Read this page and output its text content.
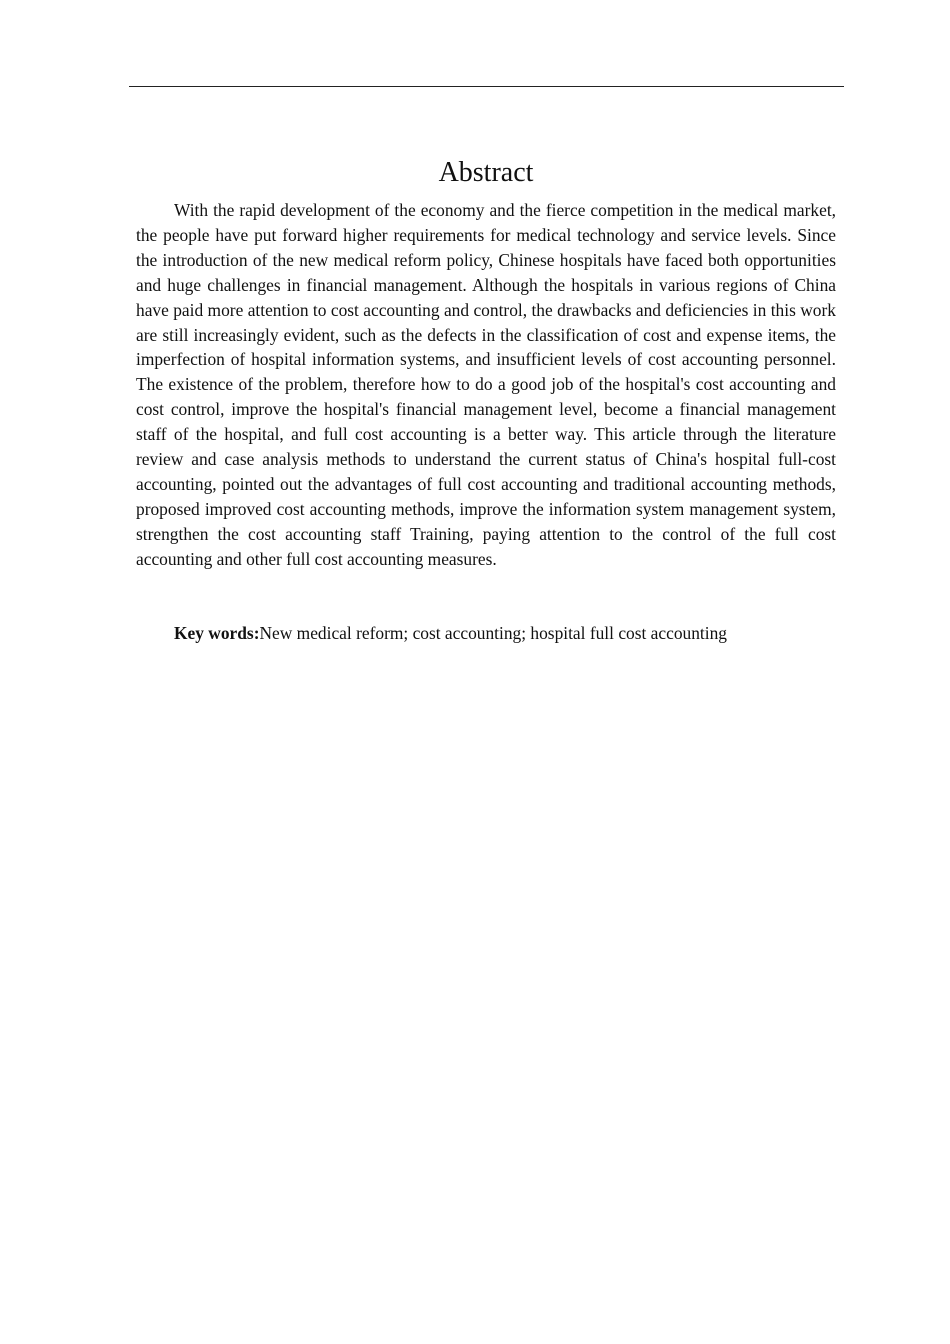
Abstract

With the rapid development of the economy and the fierce competition in the medical market, the people have put forward higher requirements for medical technology and service levels. Since the introduction of the new medical reform policy, Chinese hospitals have faced both opportunities and huge challenges in financial management. Although the hospitals in various regions of China have paid more attention to cost accounting and control, the drawbacks and deficiencies in this work are still increasingly evident, such as the defects in the classification of cost and expense items, the imperfection of hospital information systems, and insufficient levels of cost accounting personnel. The existence of the problem, therefore how to do a good job of the hospital's cost accounting and cost control, improve the hospital's financial management level, become a financial management staff of the hospital, and full cost accounting is a better way. This article through the literature review and case analysis methods to understand the current status of China's hospital full-cost accounting, pointed out the advantages of full cost accounting and traditional accounting methods, proposed improved cost accounting methods, improve the information system management system, strengthen the cost accounting staff Training, paying attention to the control of the full cost accounting and other full cost accounting measures.

Key words:New medical reform; cost accounting; hospital full cost accounting
